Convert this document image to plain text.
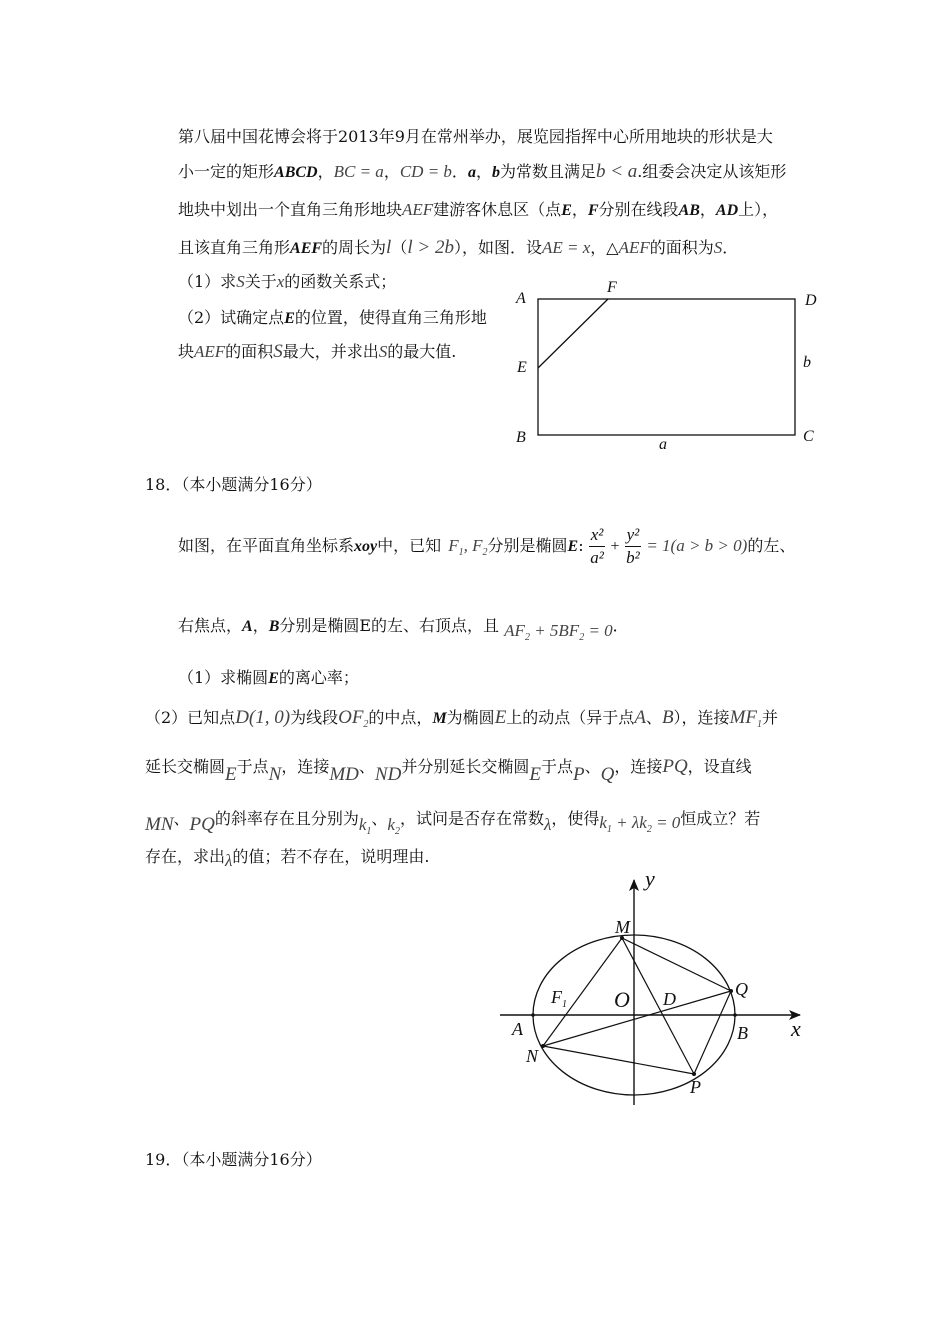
第八届中国花博会将于2013年9月在常州举办，展览园指挥中心所用地块的形状是大
小一定的矩形ABCD，BC = a，CD = b．a，b为常数且满足b < a.组委会决定从该矩形
地块中划出一个直角三角形地块AEF建游客休息区（点E，F分别在线段AB，AD上），
且该直角三角形AEF的周长为l（l > 2b），如图．设AE = x，△AEF的面积为S．
（1）求S关于x的函数关系式；
（2）试确定点E的位置，使得直角三角形地
块AEF的面积S最大，并求出S的最大值.
A
F
D
E	b
B	a	C
18．（本小题满分16分）
如图，在平面直角坐标系xoy中，已知 $F_1$, $F_2$分别是椭圆E: $\frac{\text{x²}}{\text{a²}} + \frac{\text{y²}}{\text{b²}} = 1(a > b > 0)$的左、
右焦点，A，B分别是椭圆E的左、右顶点，且 $AF_2 + 5BF_2 = 0$．
（1）求椭圆E的离心率；
（2）已知点D(1, 0)为线段$OF_2$的中点，M为椭圆E上的动点（异于点A、B），连接$MF_1$并
延长交椭圆E于点N，连接MD、ND并分别延长交椭圆E于点P、Q，连接PQ，设直线
MN、PQ的斜率存在且分别为$k_1$、$k_2$，试问是否存在常数λ，使得$k_1 + \lambda k_2 = 0$恒成立？若
存在，求出λ的值；若不存在，说明理由.
y
x
M
$F_1$ O D	Q
A	B
N
P
19．（本小题满分16分）
